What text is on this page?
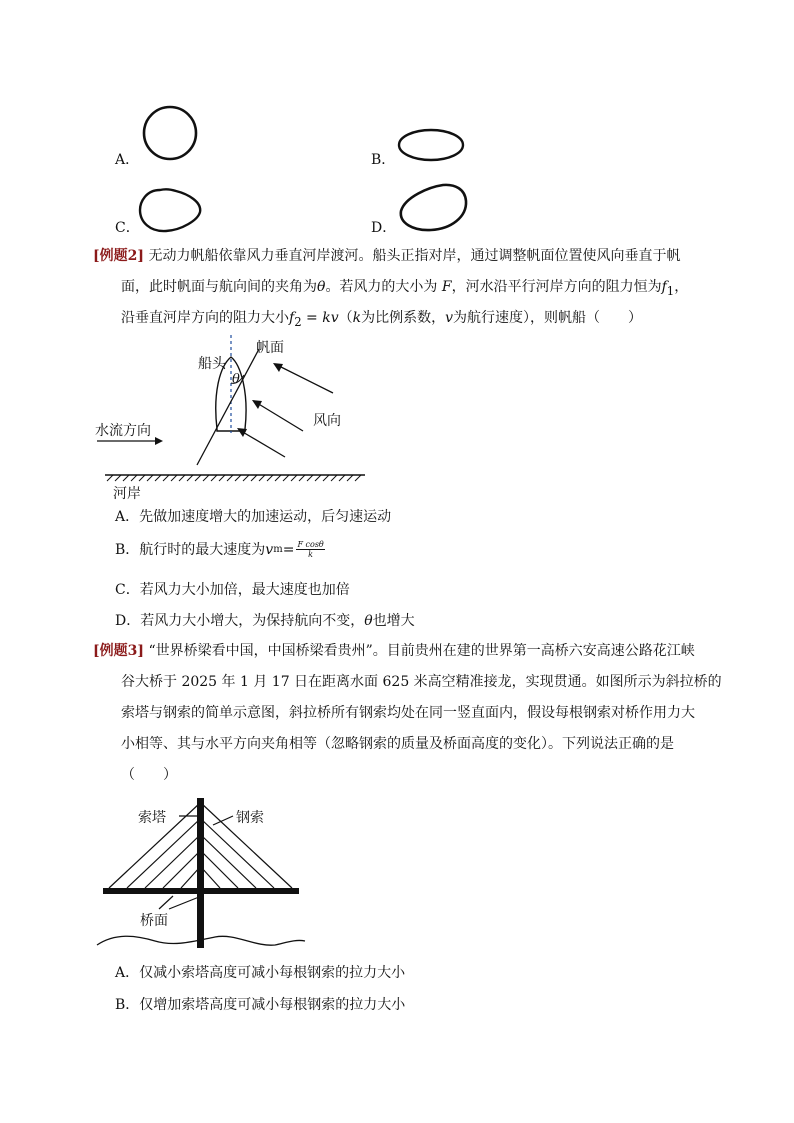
A．	B．
C．	D．
[例题2] 无动力帆船依靠风力垂直河岸渡河。船头正指对岸，通过调整帆面位置使风向垂直于帆
面，此时帆面与航向间的夹角为θ。若风力的大小为 F，河水沿平行河岸方向的阻力恒为$f_1$，
沿垂直河岸方向的阻力大小$f_2 = kv(k$为比例系数，v为航行速度），则帆船（　　）
船头
帆面
θ
风向
水流方向
河岸
A．先做加速度增大的加速运动，后匀速运动
B．航行时的最大速度为 v $m = \frac{\text{F cosθ}}{k}$
C．若风力大小加倍，最大速度也加倍
D．若风力大小增大，为保持航向不变，θ也增大
[例题3] “世界桥梁看中国，中国桥梁看贵州”。目前贵州在建的世界第一高桥六安高速公路花江峡
谷大桥于 2025 年 1 月 17 日在距离水面 625 米高空精准接龙，实现贯通。如图所示为斜拉桥的
索塔与钢索的简单示意图，斜拉桥所有钢索均处在同一竖直面内，假设每根钢索对桥作用力大
小相等、其与水平方向夹角相等（忽略钢索的质量及桥面高度的变化）。下列说法正确的是
（　　）
索塔	钢索
桥面
A．仅减小索塔高度可减小每根钢索的拉力大小
B．仅增加索塔高度可减小每根钢索的拉力大小
